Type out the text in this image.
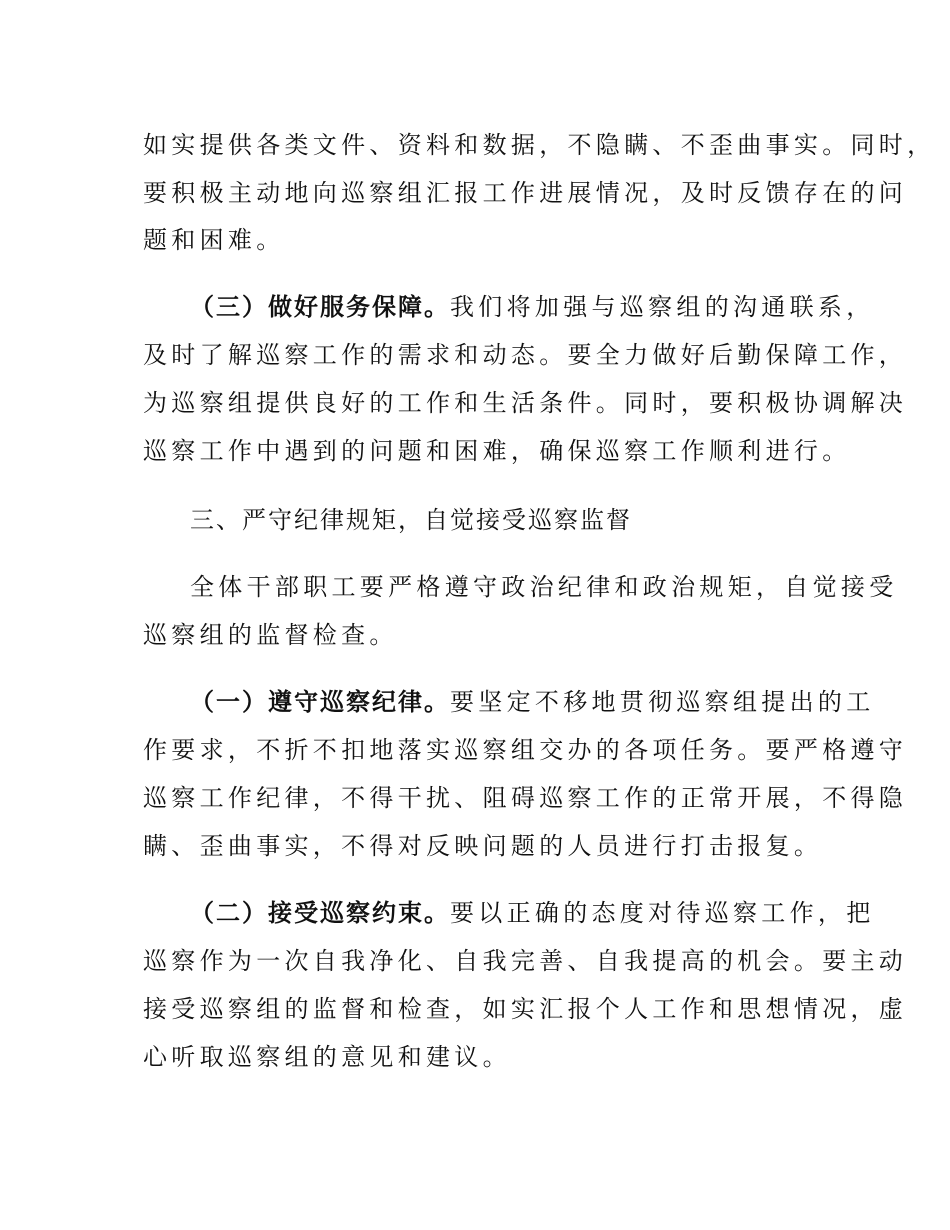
如实提供各类文件、资料和数据，不隐瞒、不歪曲事实。同时，
要积极主动地向巡察组汇报工作进展情况，及时反馈存在的问
题和困难。
（三）做好服务保障。我们将加强与巡察组的沟通联系，
及时了解巡察工作的需求和动态。要全力做好后勤保障工作，
为巡察组提供良好的工作和生活条件。同时，要积极协调解决
巡察工作中遇到的问题和困难，确保巡察工作顺利进行。
三、严守纪律规矩，自觉接受巡察监督
全体干部职工要严格遵守政治纪律和政治规矩，自觉接受
巡察组的监督检查。
（一）遵守巡察纪律。要坚定不移地贯彻巡察组提出的工
作要求，不折不扣地落实巡察组交办的各项任务。要严格遵守
巡察工作纪律，不得干扰、阻碍巡察工作的正常开展，不得隐
瞒、歪曲事实，不得对反映问题的人员进行打击报复。
（二）接受巡察约束。要以正确的态度对待巡察工作，把
巡察作为一次自我净化、自我完善、自我提高的机会。要主动
接受巡察组的监督和检查，如实汇报个人工作和思想情况，虚
心听取巡察组的意见和建议。
